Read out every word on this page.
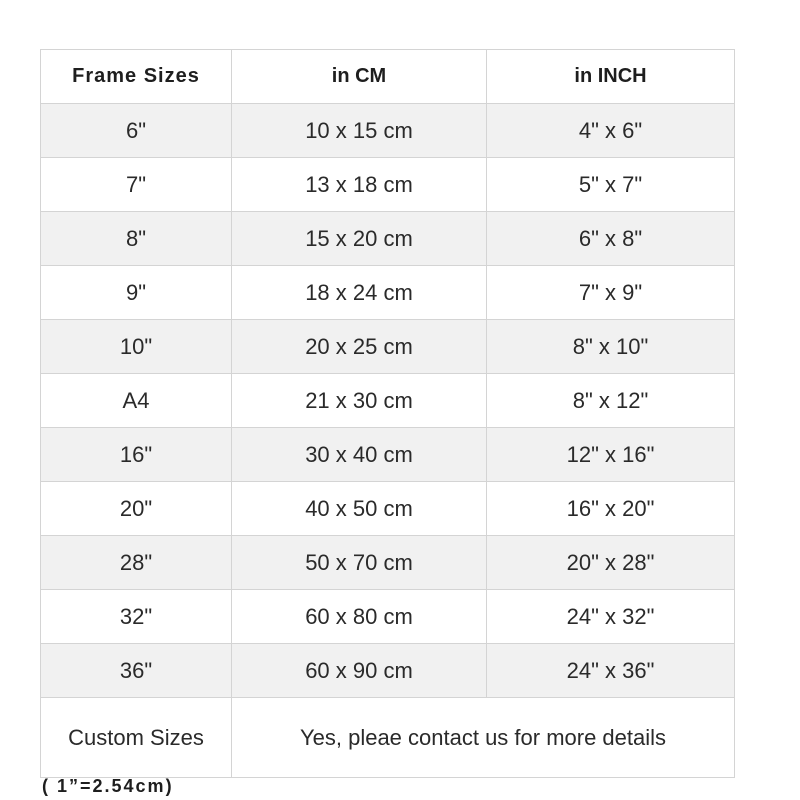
Frame Sizes	in CM	in INCH
6"	10 x 15 cm	4" x 6"
7"	13 x 18 cm	5" x 7"
8"	15 x 20 cm	6" x 8"
9"	18 x 24 cm	7" x 9"
10"	20 x 25 cm	8" x 10"
A4	21 x 30 cm	8" x 12"
16"	30 x 40 cm	12" x 16"
20"	40 x 50 cm	16" x 20"
28"	50 x 70 cm	20" x 28"
32"	60 x 80 cm	24" x 32"
36"	60 x 90 cm	24" x 36"
Custom Sizes	Yes, pleae contact us for more details	
( 1”=2.54cm)
